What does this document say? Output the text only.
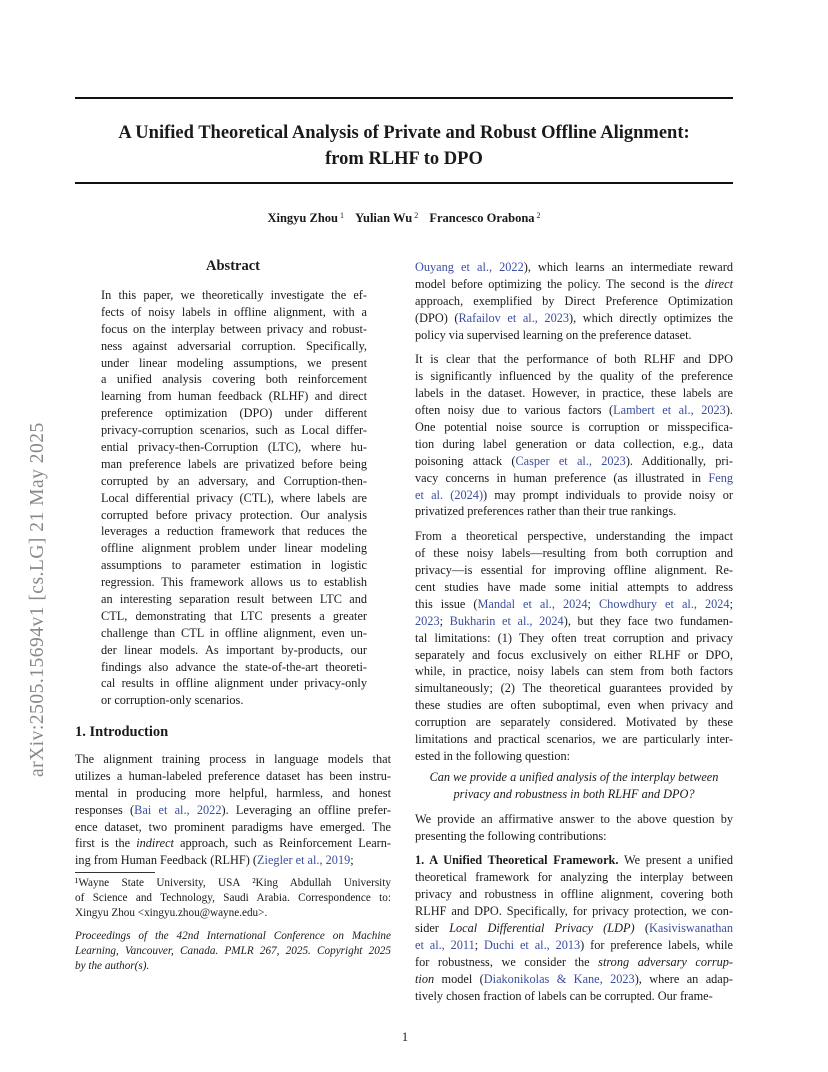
A Unified Theoretical Analysis of Private and Robust Offline Alignment:
from RLHF to DPO
Xingyu Zhou $^1$ Yulian Wu $^2$ Francesco Orabona $^2$
arXiv:2505.15694v1 [cs.LG] 21 May 2025
Abstract
In this paper, we theoretically investigate the ef-
fects of noisy labels in offline alignment, with a
focus on the interplay between privacy and robust-
ness against adversarial corruption. Specifically,
under linear modeling assumptions, we present
a unified analysis covering both reinforcement
learning from human feedback (RLHF) and direct
preference optimization (DPO) under different
privacy-corruption scenarios, such as Local differ-
ential privacy-then-Corruption (LTC), where hu-
man preference labels are privatized before being
corrupted by an adversary, and Corruption-then-
Local differential privacy (CTL), where labels are
corrupted before privacy protection. Our analysis
leverages a reduction framework that reduces the
offline alignment problem under linear modeling
assumptions to parameter estimation in logistic
regression. This framework allows us to establish
an interesting separation result between LTC and
CTL, demonstrating that LTC presents a greater
challenge than CTL in offline alignment, even un-
der linear models. As important by-products, our
findings also advance the state-of-the-art theoreti-
cal results in offline alignment under privacy-only
or corruption-only scenarios.
1. Introduction
The alignment training process in language models that
utilizes a human-labeled preference dataset has been instru-
mental in producing more helpful, harmless, and honest
responses (Bai et al., 2022). Leveraging an offline prefer-
ence dataset, two prominent paradigms have emerged. The
first is the indirect approach, such as Reinforcement Learn-
ing from Human Feedback (RLHF) (Ziegler et al., 2019;
¹Wayne State University, USA ²King Abdullah University
of Science and Technology, Saudi Arabia. Correspondence to:
Xingyu Zhou <xingyu.zhou@wayne.edu>.
Proceedings of the 42nd International Conference on Machine
Learning, Vancouver, Canada. PMLR 267, 2025. Copyright 2025
by the author(s).
Ouyang et al., 2022), which learns an intermediate reward
model before optimizing the policy. The second is the direct
approach, exemplified by Direct Preference Optimization
(DPO) (Rafailov et al., 2023), which directly optimizes the
policy via supervised learning on the preference dataset.
It is clear that the performance of both RLHF and DPO
is significantly influenced by the quality of the preference
labels in the dataset. However, in practice, these labels are
often noisy due to various factors (Lambert et al., 2023).
One potential noise source is corruption or misspecifica-
tion during label generation or data collection, e.g., data
poisoning attack (Casper et al., 2023). Additionally, pri-
vacy concerns in human preference (as illustrated in Feng
et al. (2024)) may prompt individuals to provide noisy or
privatized preferences rather than their true rankings.
From a theoretical perspective, understanding the impact
of these noisy labels—resulting from both corruption and
privacy—is essential for improving offline alignment. Re-
cent studies have made some initial attempts to address
this issue (Mandal et al., 2024; Chowdhury et al., 2024;
2023; Bukharin et al., 2024), but they face two fundamen-
tal limitations: (1) They often treat corruption and privacy
separately and focus exclusively on either RLHF or DPO,
while, in practice, noisy labels can stem from both factors
simultaneously; (2) The theoretical guarantees provided by
these studies are often suboptimal, even when privacy and
corruption are separately considered. Motivated by these
limitations and practical scenarios, we are particularly inter-
ested in the following question:
Can we provide a unified analysis of the interplay between
privacy and robustness in both RLHF and DPO?
We provide an affirmative answer to the above question by
presenting the following contributions:
1. A Unified Theoretical Framework. We present a unified
theoretical framework for analyzing the interplay between
privacy and robustness in offline alignment, covering both
RLHF and DPO. Specifically, for privacy protection, we con-
sider Local Differential Privacy (LDP) (Kasiviswanathan
et al., 2011; Duchi et al., 2013) for preference labels, while
for robustness, we consider the strong adversary corrup-
tion model (Diakonikolas & Kane, 2023), where an adap-
tively chosen fraction of labels can be corrupted. Our frame-
1
